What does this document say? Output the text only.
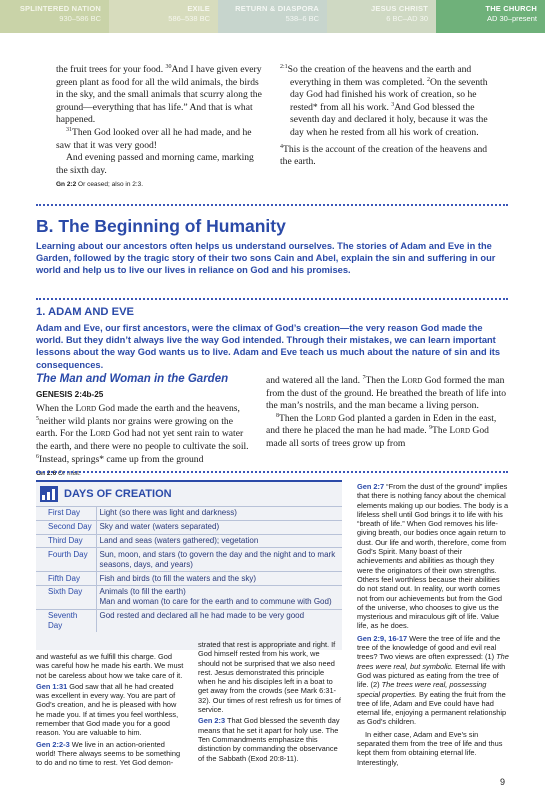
SPLINTERED NATION
930–586 BC
EXILE
586–538 BC
RETURN & DIASPORA
538–6 BC
JESUS CHRIST
6 BC–AD 30
THE CHURCH
AD 30–present

the fruit trees for your food. $^{30}$And I have given every green plant as food for all the wild animals, the birds in the sky, and the small animals that scurry along the ground—everything that has life.” And that is what happened.

$^{31}$Then God looked over all he had made, and he saw that it was very good!

And evening passed and morning came, marking the sixth day.

Gn 2:2 Or ceased; also in 2:3.

$^{2:1}$So the creation of the heavens and the earth and everything in them was completed. $^2$On the seventh day God had finished his work of creation, so he rested* from all his work. $^3$And God blessed the seventh day and declared it holy, because it was the day when he rested from all his work of creation.

$^4$This is the account of the creation of the heavens and the earth.

B. The Beginning of Humanity
Learning about our ancestors often helps us understand ourselves. The stories of Adam and Eve in the Garden, followed by the tragic story of their two sons Cain and Abel, explain the sin and suffering in our world and help us to live our lives in reliance on God and his promises.
1. ADAM AND EVE
Adam and Eve, our first ancestors, were the climax of God’s creation—the very reason God made the world. But they didn’t always live the way God intended. Through their mistakes, we can learn important lessons about the way God wants us to live. Adam and Eve teach us much about the nature of sin and its consequences.
The Man and Woman in the Garden
GENESIS 2:4b-25

When the Lord God made the earth and the heavens, $^5$neither wild plants nor grains were growing on the earth. For the Lord God had not yet sent rain to water the earth, and there were no people to cultivate the soil. $^6$Instead, springs* came up from the ground

Gn 2:6 Or mist.

and watered all the land. $^7$Then the Lord God formed the man from the dust of the ground. He breathed the breath of life into the man’s nostrils, and the man became a living person.

$^8$Then the Lord God planted a garden in Eden in the east, and there he placed the man he had made. $^9$The Lord God made all sorts of trees grow up from

DAYS OF CREATION
First Day	Light (so there was light and darkness)
Second Day	Sky and water (waters separated)
Third Day	Land and seas (waters gathered); vegetation
Fourth Day	Sun, moon, and stars (to govern the day and the night and to mark seasons, days, and years)
Fifth Day	Fish and birds (to fill the waters and the sky)
Sixth Day	Animals (to fill the earth)
Man and woman (to care for the earth and to commune with God)

Seventh Day	God rested and declared all he had made to be very good

and wasteful as we fulfill this charge. God was careful how he made his earth. We must not be careless about how we take care of it.

Gen 1:31 God saw that all he had created was excellent in every way. You are part of God’s creation, and he is pleased with how he made you. If at times you feel worthless, remember that God made you for a good reason. You are valuable to him.

Gen 2:2-3 We live in an action-oriented world! There always seems to be something to do and no time to rest. Yet God demon-

strated that rest is appropriate and right. If God himself rested from his work, we should not be surprised that we also need rest. Jesus demonstrated this principle when he and his disciples left in a boat to get away from the crowds (see Mark 6:31-32). Our times of rest refresh us for times of service.

Gen 2:3 That God blessed the seventh day means that he set it apart for holy use. The Ten Commandments emphasize this distinction by commanding the observance of the Sabbath (Exod 20:8-11).

Gen 2:7 “From the dust of the ground” implies that there is nothing fancy about the chemical elements making up our bodies. The body is a lifeless shell until God brings it to life with his “breath of life.” When God removes his life-giving breath, our bodies once again return to dust. Our life and worth, therefore, come from God’s Spirit. Many boast of their achievements and abilities as though they were the originators of their own strengths. Others feel worthless because their abilities do not stand out. In reality, our worth comes not from our achievements but from the God of the universe, who chooses to give us the mysterious and miraculous gift of life. Value life, as he does.

Gen 2:9, 16-17 Were the tree of life and the tree of the knowledge of good and evil real trees? Two views are often expressed: (1) The trees were real, but symbolic. Eternal life with God was pictured as eating from the tree of life. (2) The trees were real, possessing special properties. By eating the fruit from the tree of life, Adam and Eve could have had eternal life, enjoying a permanent relationship as God’s children.

In either case, Adam and Eve’s sin separated them from the tree of life and thus kept them from obtaining eternal life. Interestingly,

9
